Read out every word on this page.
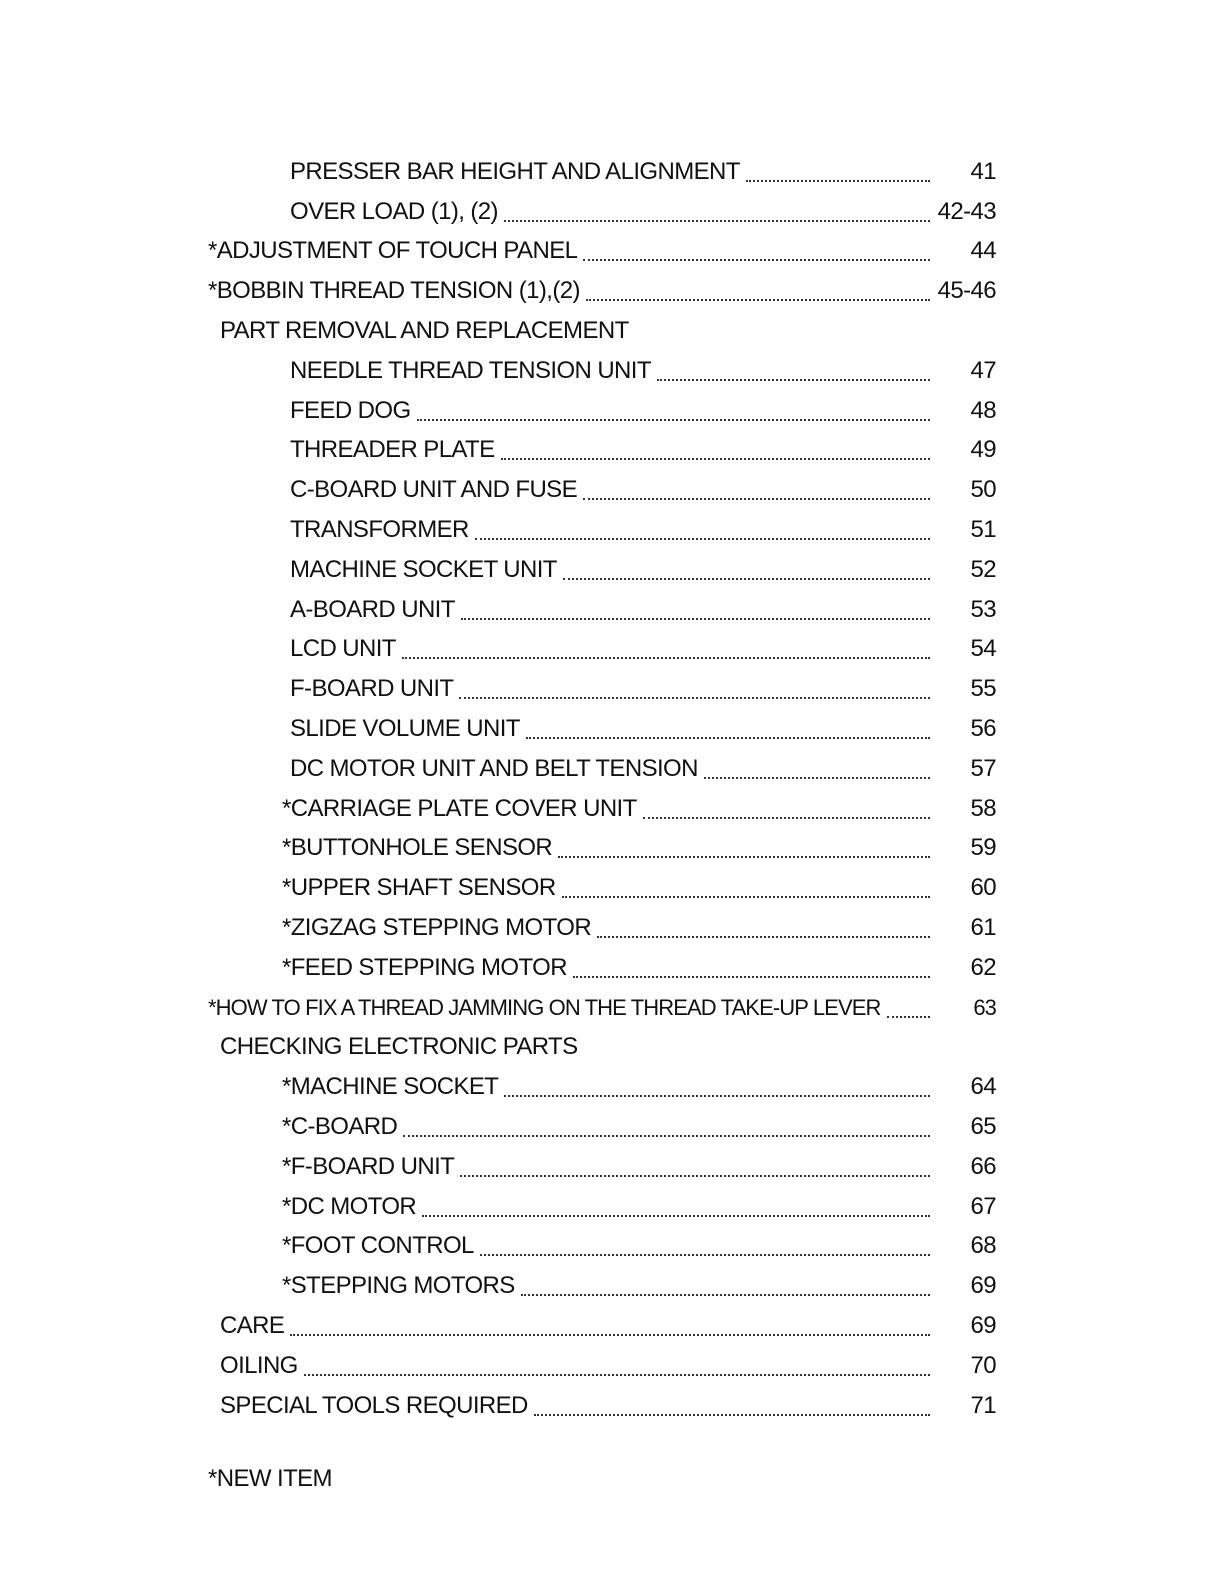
PRESSER BAR HEIGHT AND ALIGNMENT	41
OVER LOAD (1), (2)	42-43
*ADJUSTMENT OF TOUCH PANEL	44
*BOBBIN THREAD TENSION (1),(2)	45-46
PART REMOVAL AND REPLACEMENT
NEEDLE THREAD TENSION UNIT	47
FEED DOG	48
THREADER PLATE	49
C-BOARD UNIT AND FUSE	50
TRANSFORMER	51
MACHINE SOCKET UNIT	52
A-BOARD UNIT	53
LCD UNIT	54
F-BOARD UNIT	55
SLIDE VOLUME UNIT	56
DC MOTOR UNIT AND BELT TENSION	57
*CARRIAGE PLATE COVER UNIT	58
*BUTTONHOLE SENSOR	59
*UPPER SHAFT SENSOR	60
*ZIGZAG STEPPING MOTOR	61
*FEED STEPPING MOTOR	62
*HOW TO FIX A THREAD JAMMING ON THE THREAD TAKE-UP LEVER	63
CHECKING ELECTRONIC PARTS
*MACHINE SOCKET	64
*C-BOARD	65
*F-BOARD UNIT	66
*DC MOTOR	67
*FOOT CONTROL	68
*STEPPING MOTORS	69
CARE	69
OILING	70
SPECIAL TOOLS REQUIRED	71
*NEW ITEM
